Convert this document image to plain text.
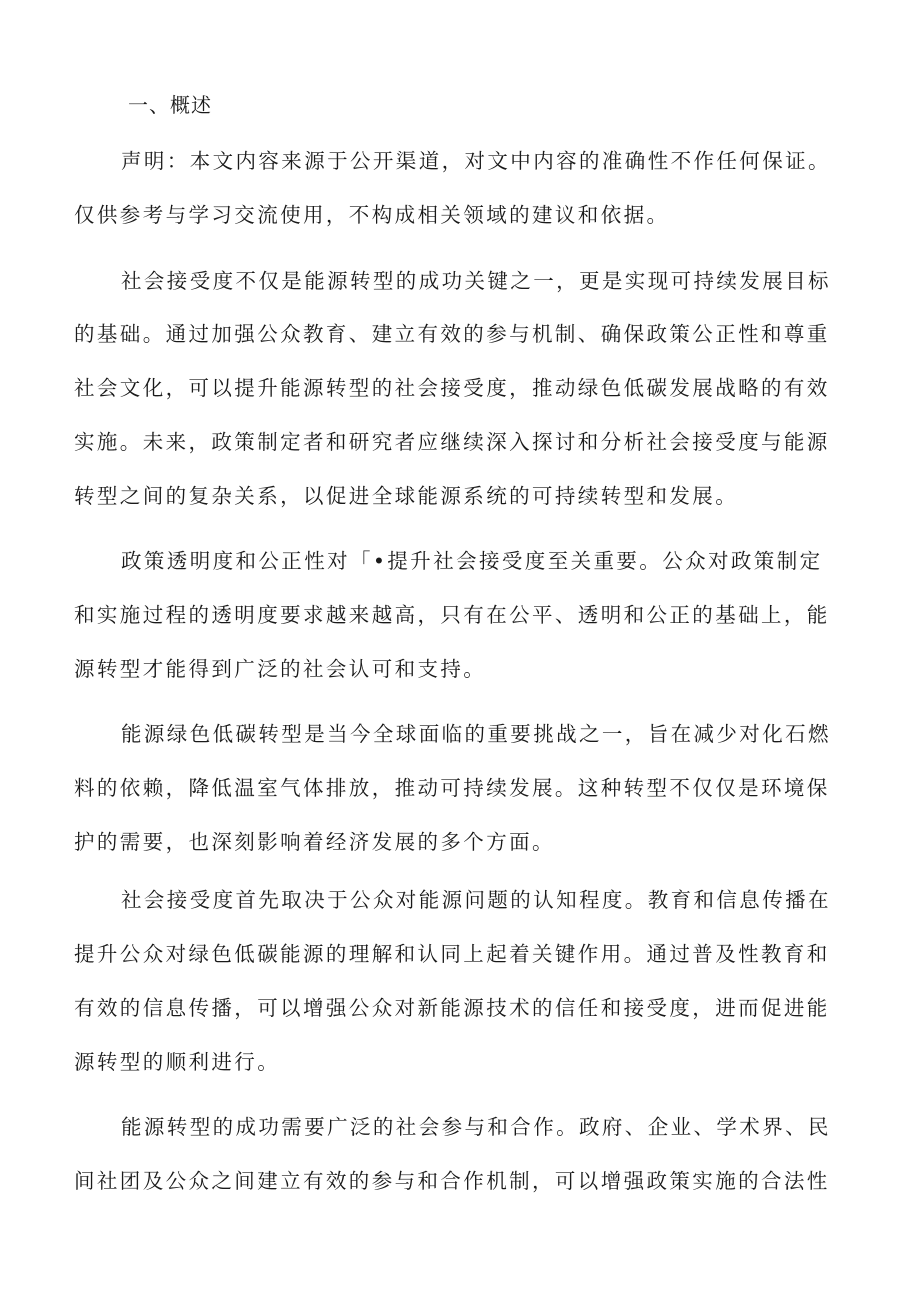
一、概述
声明：本文内容来源于公开渠道，对文中内容的准确性不作任何保证。
仅供参考与学习交流使用，不构成相关领域的建议和依据。
社会接受度不仅是能源转型的成功关键之一，更是实现可持续发展目标
的基础。通过加强公众教育、建立有效的参与机制、确保政策公正性和尊重
社会文化，可以提升能源转型的社会接受度，推动绿色低碳发展战略的有效
实施。未来，政策制定者和研究者应继续深入探讨和分析社会接受度与能源
转型之间的复杂关系，以促进全球能源系统的可持续转型和发展。
政策透明度和公正性对「•提升社会接受度至关重要。公众对政策制定
和实施过程的透明度要求越来越高，只有在公平、透明和公正的基础上，能
源转型才能得到广泛的社会认可和支持。
能源绿色低碳转型是当今全球面临的重要挑战之一，旨在减少对化石燃
料的依赖，降低温室气体排放，推动可持续发展。这种转型不仅仅是环境保
护的需要，也深刻影响着经济发展的多个方面。
社会接受度首先取决于公众对能源问题的认知程度。教育和信息传播在
提升公众对绿色低碳能源的理解和认同上起着关键作用。通过普及性教育和
有效的信息传播，可以增强公众对新能源技术的信任和接受度，进而促进能
源转型的顺利进行。
能源转型的成功需要广泛的社会参与和合作。政府、企业、学术界、民
间社团及公众之间建立有效的参与和合作机制，可以增强政策实施的合法性
